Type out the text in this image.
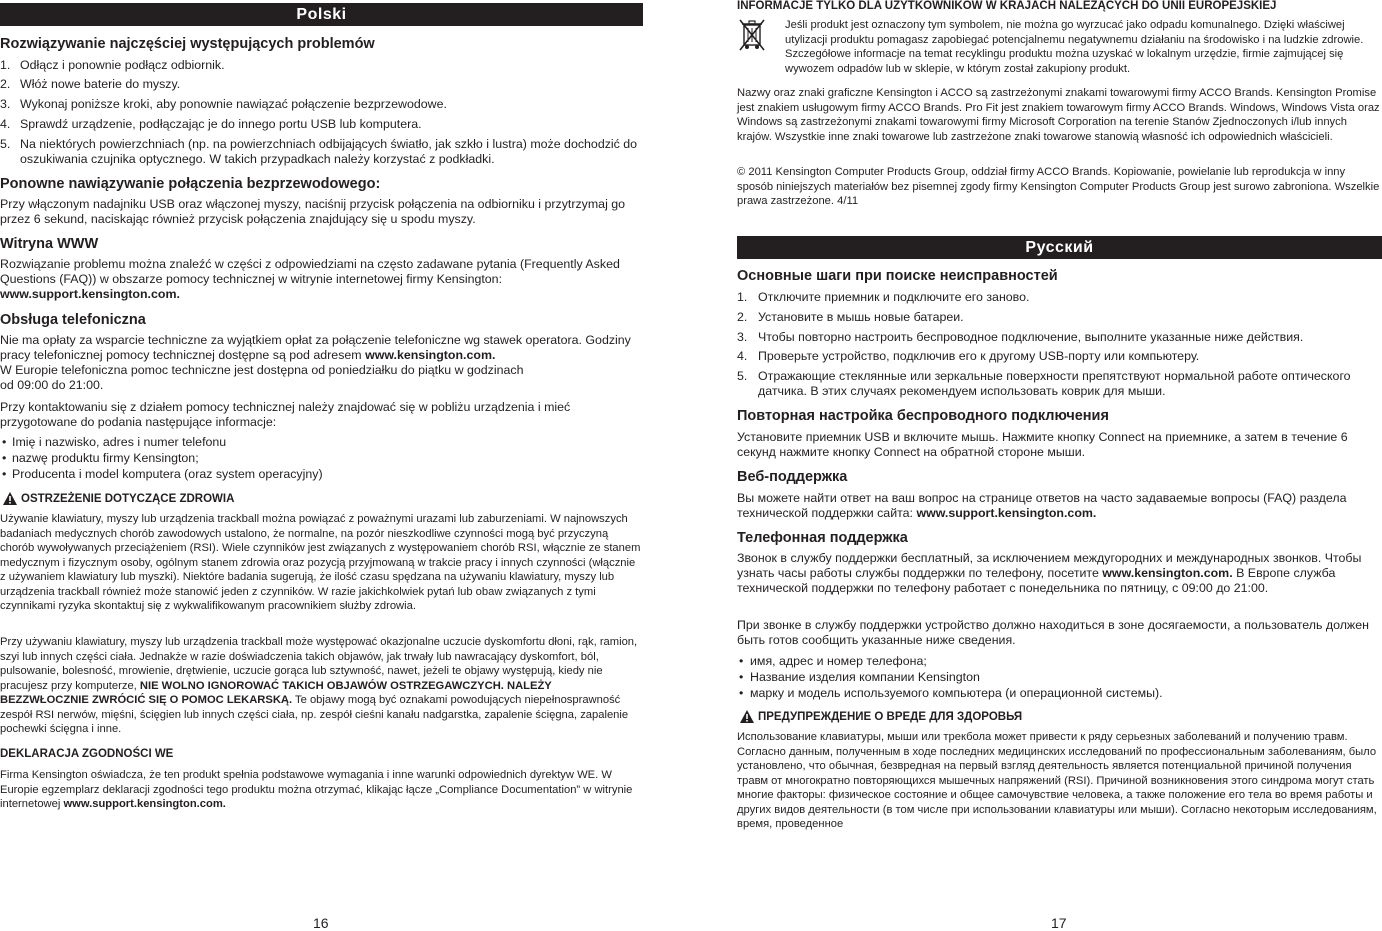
Polski
Rozwiązywanie najczęściej występujących problemów
1. Odłącz i ponownie podłącz odbiornik.
2. Włóż nowe baterie do myszy.
3. Wykonaj poniższe kroki, aby ponownie nawiązać połączenie bezprzewodowe.
4. Sprawdź urządzenie, podłączając je do innego portu USB lub komputera.
5. Na niektórych powierzchniach (np. na powierzchniach odbijających światło, jak szkło i lustra) może dochodzić do oszukiwania czujnika optycznego. W takich przypadkach należy korzystać z podkładki.
Ponowne nawiązywanie połączenia bezprzewodowego:
Przy włączonym nadajniku USB oraz włączonej myszy, naciśnij przycisk połączenia na odbiorniku i przytrzymaj go przez 6 sekund, naciskając również przycisk połączenia znajdujący się u spodu myszy.
Witryna WWW
Rozwiązanie problemu można znaleźć w części z odpowiedziami na często zadawane pytania (Frequently Asked Questions (FAQ)) w obszarze pomocy technicznej w witrynie internetowej firmy Kensington:
www.support.kensington.com.
Obsługa telefoniczna
Nie ma opłaty za wsparcie techniczne za wyjątkiem opłat za połączenie telefoniczne wg stawek operatora. Godziny pracy telefonicznej pomocy technicznej dostępne są pod adresem www.kensington.com.
W Europie telefoniczna pomoc techniczne jest dostępna od poniedziałku do piątku w godzinach
od 09:00 do 21:00.
Przy kontaktowaniu się z działem pomocy technicznej należy znajdować się w pobliżu urządzenia i mieć przygotowane do podania następujące informacje:
• Imię i nazwisko, adres i numer telefonu
• nazwę produktu firmy Kensington;
• Producenta i model komputera (oraz system operacyjny)
OSTRZEŻENIE DOTYCZĄCE ZDROWIA
Używanie klawiatury, myszy lub urządzenia trackball można powiązać z poważnymi urazami lub zaburzeniami. W najnowszych badaniach medycznych chorób zawodowych ustalono, że normalne, na pozór nieszkodliwe czynności mogą być przyczyną chorób wywoływanych przeciążeniem (RSI). Wiele czynników jest związanych z występowaniem chorób RSI, włącznie ze stanem medycznym i fizycznym osoby, ogólnym stanem zdrowia oraz pozycją przyjmowaną w trakcie pracy i innych czynności (włącznie z używaniem klawiatury lub myszki). Niektóre badania sugerują, że ilość czasu spędzana na używaniu klawiatury, myszy lub urządzenia trackball również może stanowić jeden z czynników. W razie jakichkolwiek pytań lub obaw związanych z tymi czynnikami ryzyka skontaktuj się z wykwalifikowanym pracownikiem służby zdrowia.
Przy używaniu klawiatury, myszy lub urządzenia trackball może występować okazjonalne uczucie dyskomfortu dłoni, rąk, ramion, szyi lub innych części ciała. Jednakże w razie doświadczenia takich objawów, jak trwały lub nawracający dyskomfort, ból, pulsowanie, bolesność, mrowienie, drętwienie, uczucie gorąca lub sztywność, nawet, jeżeli te objawy występują, kiedy nie pracujesz przy komputerze, NIE WOLNO IGNOROWAĆ TAKICH OBJAWÓW OSTRZEGAWCZYCH. NALEŻY BEZZWŁOCZNIE ZWRÓCIĆ SIĘ O POMOC LEKARSKĄ. Te objawy mogą być oznakami powodujących niepełnosprawność zespół RSI nerwów, mięśni, ścięgien lub innych części ciała, np. zespół cieśni kanału nadgarstka, zapalenie ścięgna, zapalenie pochewki ścięgna i inne.
DEKLARACJA ZGODNOŚCI WE
Firma Kensington oświadcza, że ten produkt spełnia podstawowe wymagania i inne warunki odpowiednich dyrektyw WE. W Europie egzemplarz deklaracji zgodności tego produktu można otrzymać, klikając łącze „Compliance Documentation” w witrynie internetowej www.support.kensington.com.
16
INFORMACJE TYLKO DLA UŻYTKOWNIKÓW W KRAJACH NALEŻĄCYCH DO UNII EUROPEJSKIEJ
Jeśli produkt jest oznaczony tym symbolem, nie można go wyrzucać jako odpadu komunalnego. Dzięki właściwej utylizacji produktu pomagasz zapobiegać potencjalnemu negatywnemu działaniu na środowisko i na ludzkie zdrowie. Szczegółowe informacje na temat recyklingu produktu można uzyskać w lokalnym urzędzie, firmie zajmującej się wywozem odpadów lub w sklepie, w którym został zakupiony produkt.
Nazwy oraz znaki graficzne Kensington i ACCO są zastrzeżonymi znakami towarowymi firmy ACCO Brands. Kensington Promise jest znakiem usługowym firmy ACCO Brands. Pro Fit jest znakiem towarowym firmy ACCO Brands. Windows, Windows Vista oraz Windows są zastrzeżonymi znakami towarowymi firmy Microsoft Corporation na terenie Stanów Zjednoczonych i/lub innych krajów. Wszystkie inne znaki towarowe lub zastrzeżone znaki towarowe stanowią własność ich odpowiednich właścicieli.
© 2011 Kensington Computer Products Group, oddział firmy ACCO Brands. Kopiowanie, powielanie lub reprodukcja w inny sposób niniejszych materiałów bez pisemnej zgody firmy Kensington Computer Products Group jest surowo zabroniona. Wszelkie prawa zastrzeżone. 4/11
Русский
Основные шаги при поиске неисправностей
1. Отключите приемник и подключите его заново.
2. Установите в мышь новые батареи.
3. Чтобы повторно настроить беспроводное подключение, выполните указанные ниже действия.
4. Проверьте устройство, подключив его к другому USB-порту или компьютеру.
5. Отражающие стеклянные или зеркальные поверхности препятствуют нормальной работе оптического датчика. В этих случаях рекомендуем использовать коврик для мыши.
Повторная настройка беспроводного подключения
Установите приемник USB и включите мышь. Нажмите кнопку Connect на приемнике, а затем в течение 6 секунд нажмите кнопку Connect на обратной стороне мыши.
Веб-поддержка
Вы можете найти ответ на ваш вопрос на странице ответов на часто задаваемые вопросы (FAQ) раздела технической поддержки сайта: www.support.kensington.com.
Телефонная поддержка
Звонок в службу поддержки бесплатный, за исключением междугородних и международных звонков. Чтобы узнать часы работы службы поддержки по телефону, посетите www.kensington.com. В Европе служба технической поддержки по телефону работает с понедельника по пятницу, с 09:00 до 21:00.
При звонке в службу поддержки устройство должно находиться в зоне досягаемости, а пользователь должен быть готов сообщить указанные ниже сведения.
• имя, адрес и номер телефона;
• Название изделия компании Kensington
• марку и модель используемого компьютера (и операционной системы).
ПРЕДУПРЕЖДЕНИЕ О ВРЕДЕ ДЛЯ ЗДОРОВЬЯ
Использование клавиатуры, мыши или трекбола может привести к ряду серьезных заболеваний и получению травм. Согласно данным, полученным в ходе последних медицинских исследований по профессиональным заболеваниям, было установлено, что обычная, безвредная на первый взгляд деятельность является потенциальной причиной получения травм от многократно повторяющихся мышечных напряжений (RSI). Причиной возникновения этого синдрома могут стать многие факторы: физическое состояние и общее самочувствие человека, а также положение его тела во время работы и других видов деятельности (в том числе при использовании клавиатуры или мыши). Согласно некоторым исследованиям, время, проведенное
17
